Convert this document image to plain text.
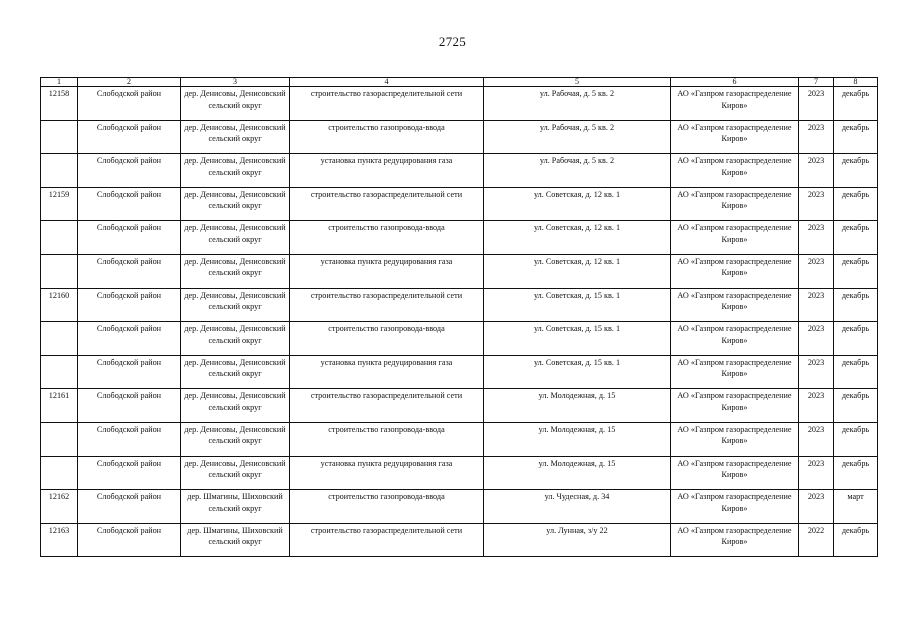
2725
1	2	3	4	5	6	7	8
12158	Слободской район	дер. Денисовы, Денисовский сельский округ	строительство газораспределительной сети	ул. Рабочая, д. 5 кв. 2	АО «Газпром газораспределение Киров»	2023	декабрь
	Слободской район	дер. Денисовы, Денисовский сельский округ	строительство газопровода-ввода	ул. Рабочая, д. 5 кв. 2	АО «Газпром газораспределение Киров»	2023	декабрь
	Слободской район	дер. Денисовы, Денисовский сельский округ	установка пункта редуцирования газа	ул. Рабочая, д. 5 кв. 2	АО «Газпром газораспределение Киров»	2023	декабрь
12159	Слободской район	дер. Денисовы, Денисовский сельский округ	строительство газораспределительной сети	ул. Советская, д. 12 кв. 1	АО «Газпром газораспределение Киров»	2023	декабрь
	Слободской район	дер. Денисовы, Денисовский сельский округ	строительство газопровода-ввода	ул. Советская, д. 12 кв. 1	АО «Газпром газораспределение Киров»	2023	декабрь
	Слободской район	дер. Денисовы, Денисовский сельский округ	установка пункта редуцирования газа	ул. Советская, д. 12 кв. 1	АО «Газпром газораспределение Киров»	2023	декабрь
12160	Слободской район	дер. Денисовы, Денисовский сельский округ	строительство газораспределительной сети	ул. Советская, д. 15 кв. 1	АО «Газпром газораспределение Киров»	2023	декабрь
	Слободской район	дер. Денисовы, Денисовский сельский округ	строительство газопровода-ввода	ул. Советская, д. 15 кв. 1	АО «Газпром газораспределение Киров»	2023	декабрь
	Слободской район	дер. Денисовы, Денисовский сельский округ	установка пункта редуцирования газа	ул. Советская, д. 15 кв. 1	АО «Газпром газораспределение Киров»	2023	декабрь
12161	Слободской район	дер. Денисовы, Денисовский сельский округ	строительство газораспределительной сети	ул. Молодежная, д. 15	АО «Газпром газораспределение Киров»	2023	декабрь
	Слободской район	дер. Денисовы, Денисовский сельский округ	строительство газопровода-ввода	ул. Молодежная, д. 15	АО «Газпром газораспределение Киров»	2023	декабрь
	Слободской район	дер. Денисовы, Денисовский сельский округ	установка пункта редуцирования газа	ул. Молодежная, д. 15	АО «Газпром газораспределение Киров»	2023	декабрь
12162	Слободской район	дер. Шмагины, Шиховский сельский округ	строительство газопровода-ввода	ул. Чудесная, д. 34	АО «Газпром газораспределение Киров»	2023	март
12163	Слободской район	дер. Шмагины, Шиховский сельский округ	строительство газораспределительной сети	ул. Лунная, з/у 22	АО «Газпром газораспределение Киров»	2022	декабрь
